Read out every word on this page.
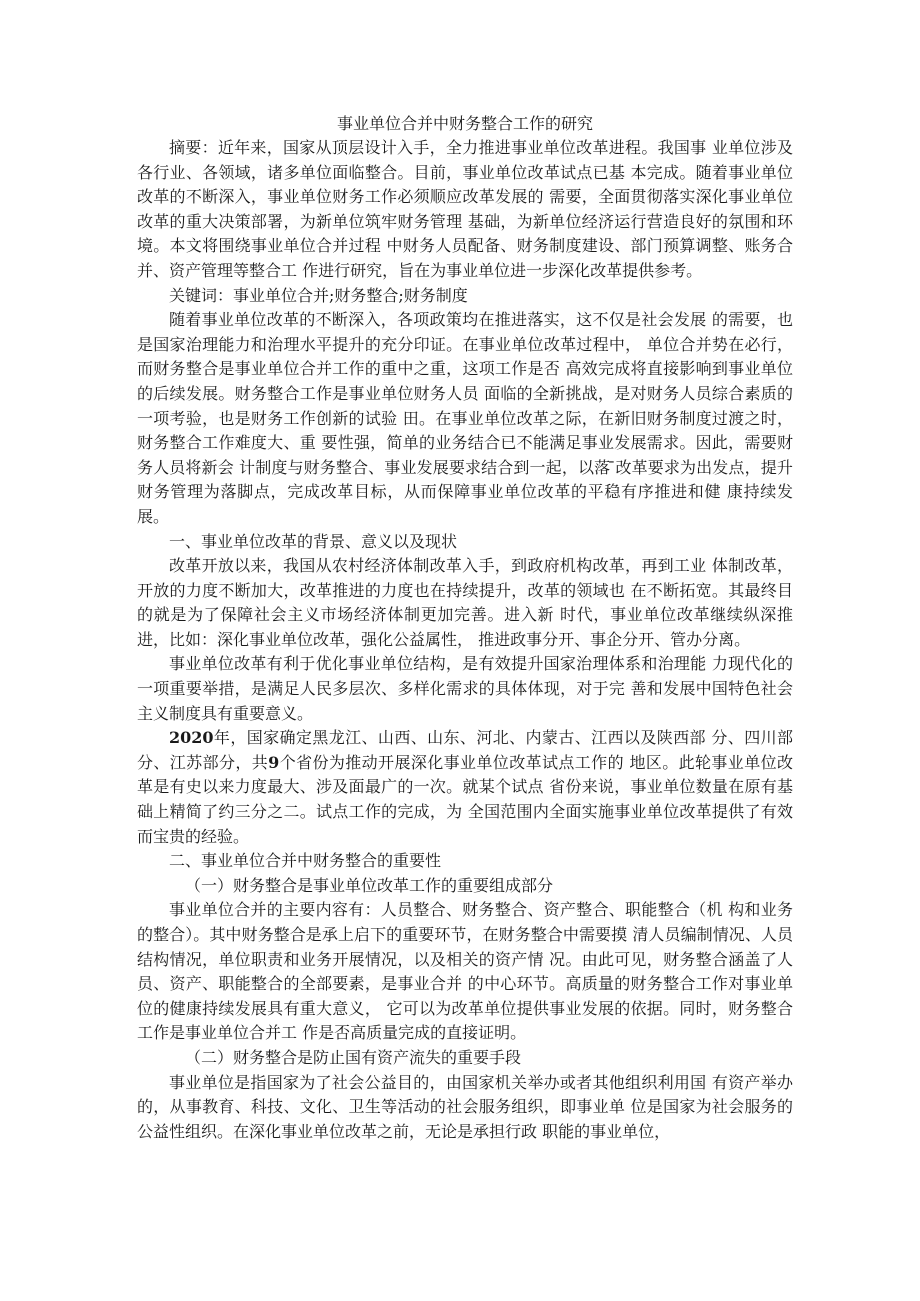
事业单位合并中财务整合工作的研究

摘要：近年来，国家从顶层设计入手，全力推进事业单位改革进程。我国事 业单位涉及各行业、各领域，诸多单位面临整合。目前，事业单位改革试点已基 本完成。随着事业单位改革的不断深入，事业单位财务工作必须顺应改革发展的 需要，全面贯彻落实深化事业单位改革的重大决策部署，为新单位筑牢财务管理 基础，为新单位经济运行营造良好的氛围和环境。本文将围绕事业单位合并过程 中财务人员配备、财务制度建设、部门预算调整、账务合并、资产管理等整合工 作进行研究，旨在为事业单位进一步深化改革提供参考。

关键词：事业单位合并;财务整合;财务制度

随着事业单位改革的不断深入，各项政策均在推进落实，这不仅是社会发展 的需要，也是国家治理能力和治理水平提升的充分印证。在事业单位改革过程中， 单位合并势在必行，而财务整合是事业单位合并工作的重中之重，这项工作是否 高效完成将直接影响到事业单位的后续发展。财务整合工作是事业单位财务人员 面临的全新挑战，是对财务人员综合素质的一项考验，也是财务工作创新的试验 田。在事业单位改革之际，在新旧财务制度过渡之时，财务整合工作难度大、重 要性强，简单的业务结合已不能满足事业发展需求。因此，需要财务人员将新会 计制度与财务整合、事业发展要求结合到一起，以落 ̄改革要求为出发点，提升 财务管理为落脚点，完成改革目标，从而保障事业单位改革的平稳有序推进和健 康持续发展。

一、事业单位改革的背景、意义以及现状

改革开放以来，我国从农村经济体制改革入手，到政府机构改革，再到工业 体制改革，开放的力度不断加大，改革推进的力度也在持续提升，改革的领域也 在不断拓宽。其最终目的就是为了保障社会主义市场经济体制更加完善。进入新 时代，事业单位改革继续纵深推进，比如：深化事业单位改革，强化公益属性， 推进政事分开、事企分开、管办分离。

事业单位改革有利于优化事业单位结构，是有效提升国家治理体系和治理能 力现代化的一项重要举措，是满足人民多层次、多样化需求的具体体现，对于完 善和发展中国特色社会主义制度具有重要意义。

2020年，国家确定黑龙江、山西、山东、河北、内蒙古、江西以及陕西部 分、四川部分、江苏部分，共9个省份为推动开展深化事业单位改革试点工作的 地区。此轮事业单位改革是有史以来力度最大、涉及面最广的一次。就某个试点 省份来说，事业单位数量在原有基础上精简了约三分之二。试点工作的完成，为 全国范围内全面实施事业单位改革提供了有效而宝贵的经验。

二、事业单位合并中财务整合的重要性

（一）财务整合是事业单位改革工作的重要组成部分

事业单位合并的主要内容有：人员整合、财务整合、资产整合、职能整合（机 构和业务的整合）。其中财务整合是承上启下的重要环节，在财务整合中需要摸 清人员编制情况、人员结构情况，单位职责和业务开展情况，以及相关的资产情 况。由此可见，财务整合涵盖了人员、资产、职能整合的全部要素，是事业合并 的中心环节。高质量的财务整合工作对事业单位的健康持续发展具有重大意义， 它可以为改革单位提供事业发展的依据。同时，财务整合工作是事业单位合并工 作是否高质量完成的直接证明。

（二）财务整合是防止国有资产流失的重要手段

事业单位是指国家为了社会公益目的，由国家机关举办或者其他组织利用国 有资产举办的，从事教育、科技、文化、卫生等活动的社会服务组织，即事业单 位是国家为社会服务的公益性组织。在深化事业单位改革之前，无论是承担行政 职能的事业单位，
